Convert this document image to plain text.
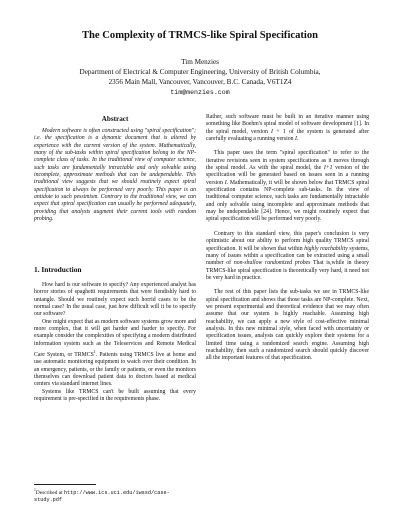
The Complexity of TRMCS-like Spiral Specification
Tim Menzies
Department of Electrical & Computer Engineering, University of British Columbia,
2356 Main Mall, Vancouver, Vancouver, B.C. Canada, V6T1Z4
tim@menzies.com
Abstract

Modern software is often constructed using "spiral specification"; i.e. the specification is a dynamic document that is altered by experience with the current version of the system. Mathematically, many of the sub-tasks within spiral specification belong to the NP-complete class of tasks. In the traditional view of computer science, such tasks are fundamentally intractable and only solvable using incomplete, approximate methods that can be undependable. This traditional view suggests that we should routinely expect spiral specification to always be performed very poorly. This paper is an antidote to such pessimism. Contrary to the traditional view, we can expect that spiral specification can usually be performed adequately, providing that analysts augment their current tools with random probing.

1. Introduction

How hard is our software to specify? Any experienced analyst has horror stories of spaghetti requirements that were fiendishly hard to untangle. Should we routinely expect such horrid cases to be the normal case? In the usual case, just how difficult will it be to specify our software?

One might expect that as modern software systems grow more and more complex, that it will get harder and harder to specify. For example consider the complexities of specifying a modern distributed information system such as the Teleservices and Remote Medical Care System, or TRMCS$^1$. Patients using TRMCS live at home and use automatic monitoring equipment to watch over their condition. In an emergency, patients, or the family or patients, or even the monitors themselves can download patient data to doctors based at medical centers via standard internet lines.

Systems like TRMCS can't be built assuming that every requirement is pre-specified in the requirements phase.

$^1$Described at http://www.ics.uci.edu/iwssd/case-study.pdf

Rather, such software must be built in an iterative manner using something like Boehm's spiral model of software development [1]. In the spiral model, version I + 1 of the system is generated after carefully evaluating a running version I.

This paper uses the term "spiral specification" to refer to the iterative revisions seen in system specifications as it moves through the spiral model. As with the spiral model, the I+1 version of the specification will be generated based on issues seen in a running version I. Mathematically, it will be shown below that TRMCS spiral specification contains NP-complete sub-tasks. In the view of traditional computer science, such tasks are fundamentally intractable and only solvable using incomplete and approximate methods that may be undependable [24]. Hence, we might routinely expect that spiral specification will be performed very poorly.

Contrary to this standard view, this paper's conclusion is very optimistic about our ability to perform high quality TRMCS spiral specification. It will be shown that within highly reachability systems, many of issues within a specification can be extracted using a small number of non-shallow randomized probes That is,while in theory TRMCS-like spiral specification is theoretically very hard, it need not be very hard in practice.

The rest of this paper lists the sub-tasks we see in TRMCS-like spiral specification and shows that those tasks are NP-complete. Next, we present experimental and theoretical evidence that we may often assume that our system is highly reachable. Assuming high reachability, we can apply a new style of cost-effective minimal analysis. In this new minimal style, when faced with uncertainty or specification issues, analysts can quickly explore their systems for a limited time using a randomized search engine. Assuming high reachability, then such a randomized search should quickly discover all the important features of that specification.
